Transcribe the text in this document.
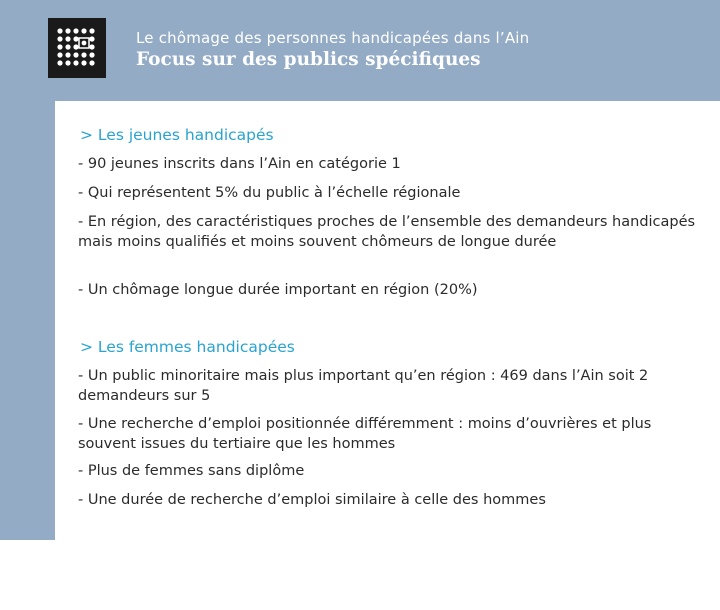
Le chômage des personnes handicapées dans l’Ain
Focus sur des publics spécifiques
44
> Les jeunes handicapés
- 90 jeunes inscrits dans l’Ain en catégorie 1
- Qui représentent 5% du public à l’échelle régionale
- En région, des caractéristiques proches de l’ensemble des demandeurs handicapés mais moins qualifiés et moins souvent chômeurs de longue durée
- Un chômage longue durée important en région (20%)
> Les femmes handicapées
- Un public minoritaire mais plus important qu’en région : 469 dans l’Ain soit 2 demandeurs sur 5
- Une recherche d’emploi positionnée différemment : moins d’ouvrières et plus souvent issues du tertiaire que les hommes
- Plus de femmes sans diplôme
- Une durée de recherche d’emploi similaire à celle des hommes
